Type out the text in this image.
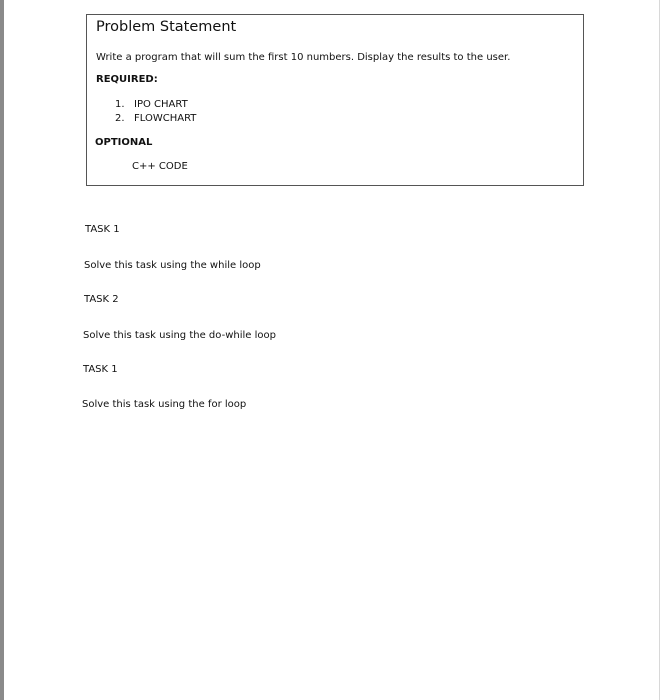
Problem Statement

Write a program that will sum the first 10 numbers. Display the results to the user.

REQUIRED:

1. IPO CHART
2. FLOWCHART

OPTIONAL

C++ CODE

TASK 1

Solve this task using the while loop

TASK 2

Solve this task using the do-while loop

TASK 1

Solve this task using the for loop
